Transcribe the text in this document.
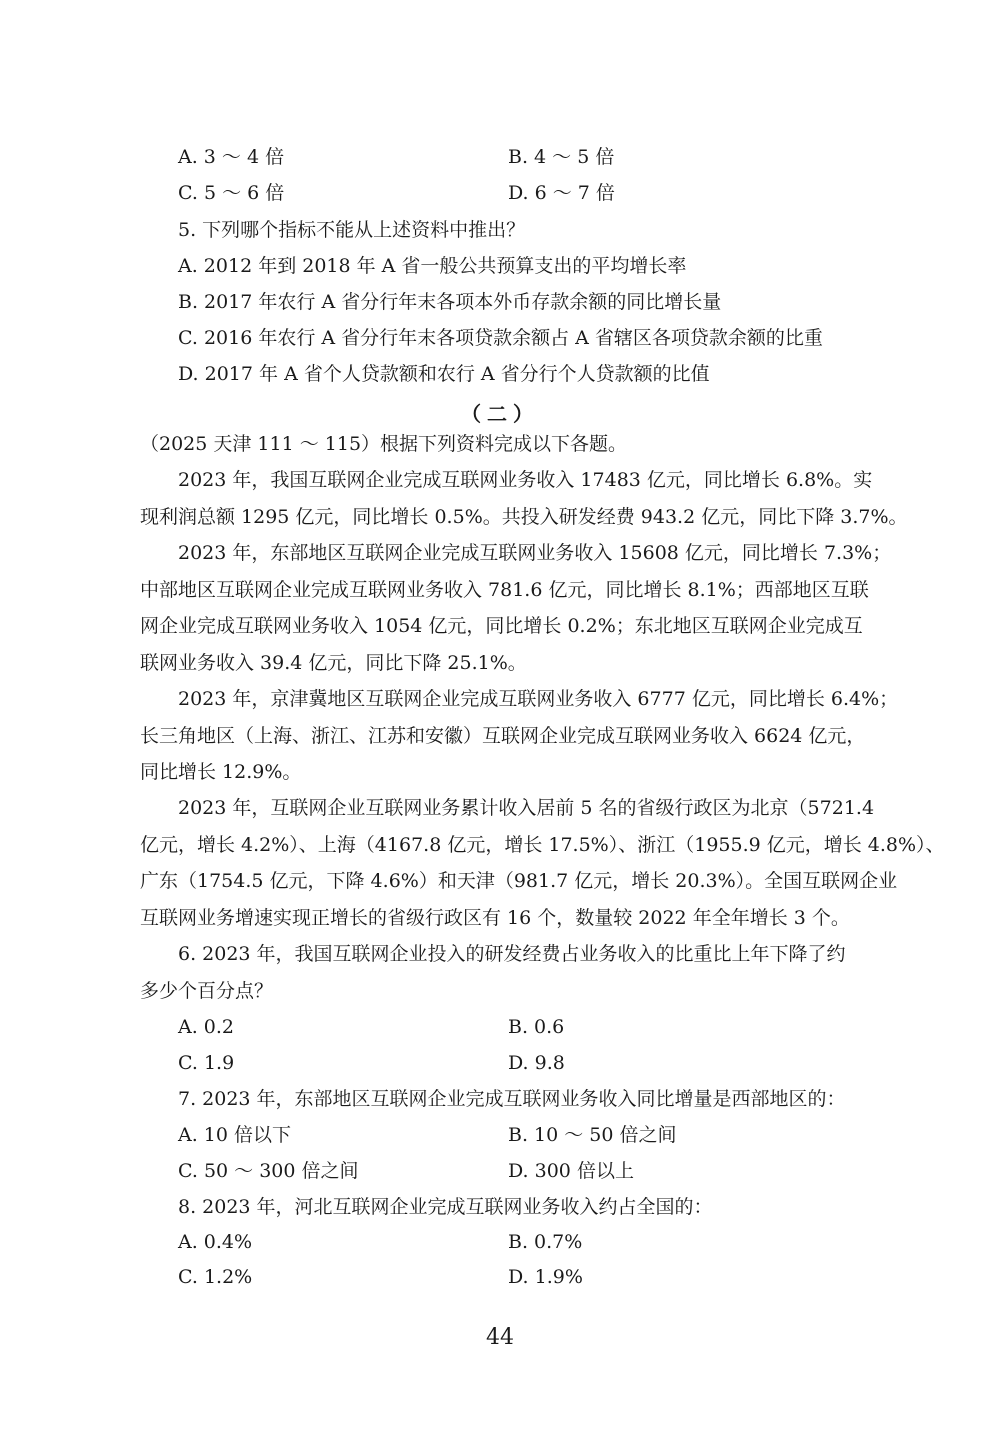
A. 3 ～ 4 倍	B. 4 ～ 5 倍
C. 5 ～ 6 倍	D. 6 ～ 7 倍
5. 下列哪个指标不能从上述资料中推出？
A. 2012 年到 2018 年 A 省一般公共预算支出的平均增长率
B. 2017 年农行 A 省分行年末各项本外币存款余额的同比增长量
C. 2016 年农行 A 省分行年末各项贷款余额占 A 省辖区各项贷款余额的比重
D. 2017 年 A 省个人贷款额和农行 A 省分行个人贷款额的比值
（二）
（2025 天津 111 ～ 115）根据下列资料完成以下各题。
2023 年，我国互联网企业完成互联网业务收入 17483 亿元，同比增长 6.8%。实
现利润总额 1295 亿元，同比增长 0.5%。共投入研发经费 943.2 亿元，同比下降 3.7%。
2023 年，东部地区互联网企业完成互联网业务收入 15608 亿元，同比增长 7.3%；
中部地区互联网企业完成互联网业务收入 781.6 亿元，同比增长 8.1%；西部地区互联
网企业完成互联网业务收入 1054 亿元，同比增长 0.2%；东北地区互联网企业完成互
联网业务收入 39.4 亿元，同比下降 25.1%。
2023 年，京津冀地区互联网企业完成互联网业务收入 6777 亿元，同比增长 6.4%；
长三角地区（上海、浙江、江苏和安徽）互联网企业完成互联网业务收入 6624 亿元，
同比增长 12.9%。
2023 年，互联网企业互联网业务累计收入居前 5 名的省级行政区为北京（5721.4
亿元，增长 4.2%）、上海（4167.8 亿元，增长 17.5%）、浙江（1955.9 亿元，增长 4.8%）、
广东（1754.5 亿元，下降 4.6%）和天津（981.7 亿元，增长 20.3%）。全国互联网企业
互联网业务增速实现正增长的省级行政区有 16 个，数量较 2022 年全年增长 3 个。
6. 2023 年，我国互联网企业投入的研发经费占业务收入的比重比上年下降了约
多少个百分点？
A. 0.2	B. 0.6
C. 1.9	D. 9.8
7. 2023 年，东部地区互联网企业完成互联网业务收入同比增量是西部地区的：
A. 10 倍以下	B. 10 ～ 50 倍之间
C. 50 ～ 300 倍之间	D. 300 倍以上
8. 2023 年，河北互联网企业完成互联网业务收入约占全国的：
A. 0.4%	B. 0.7%
C. 1.2%	D. 1.9%
44
